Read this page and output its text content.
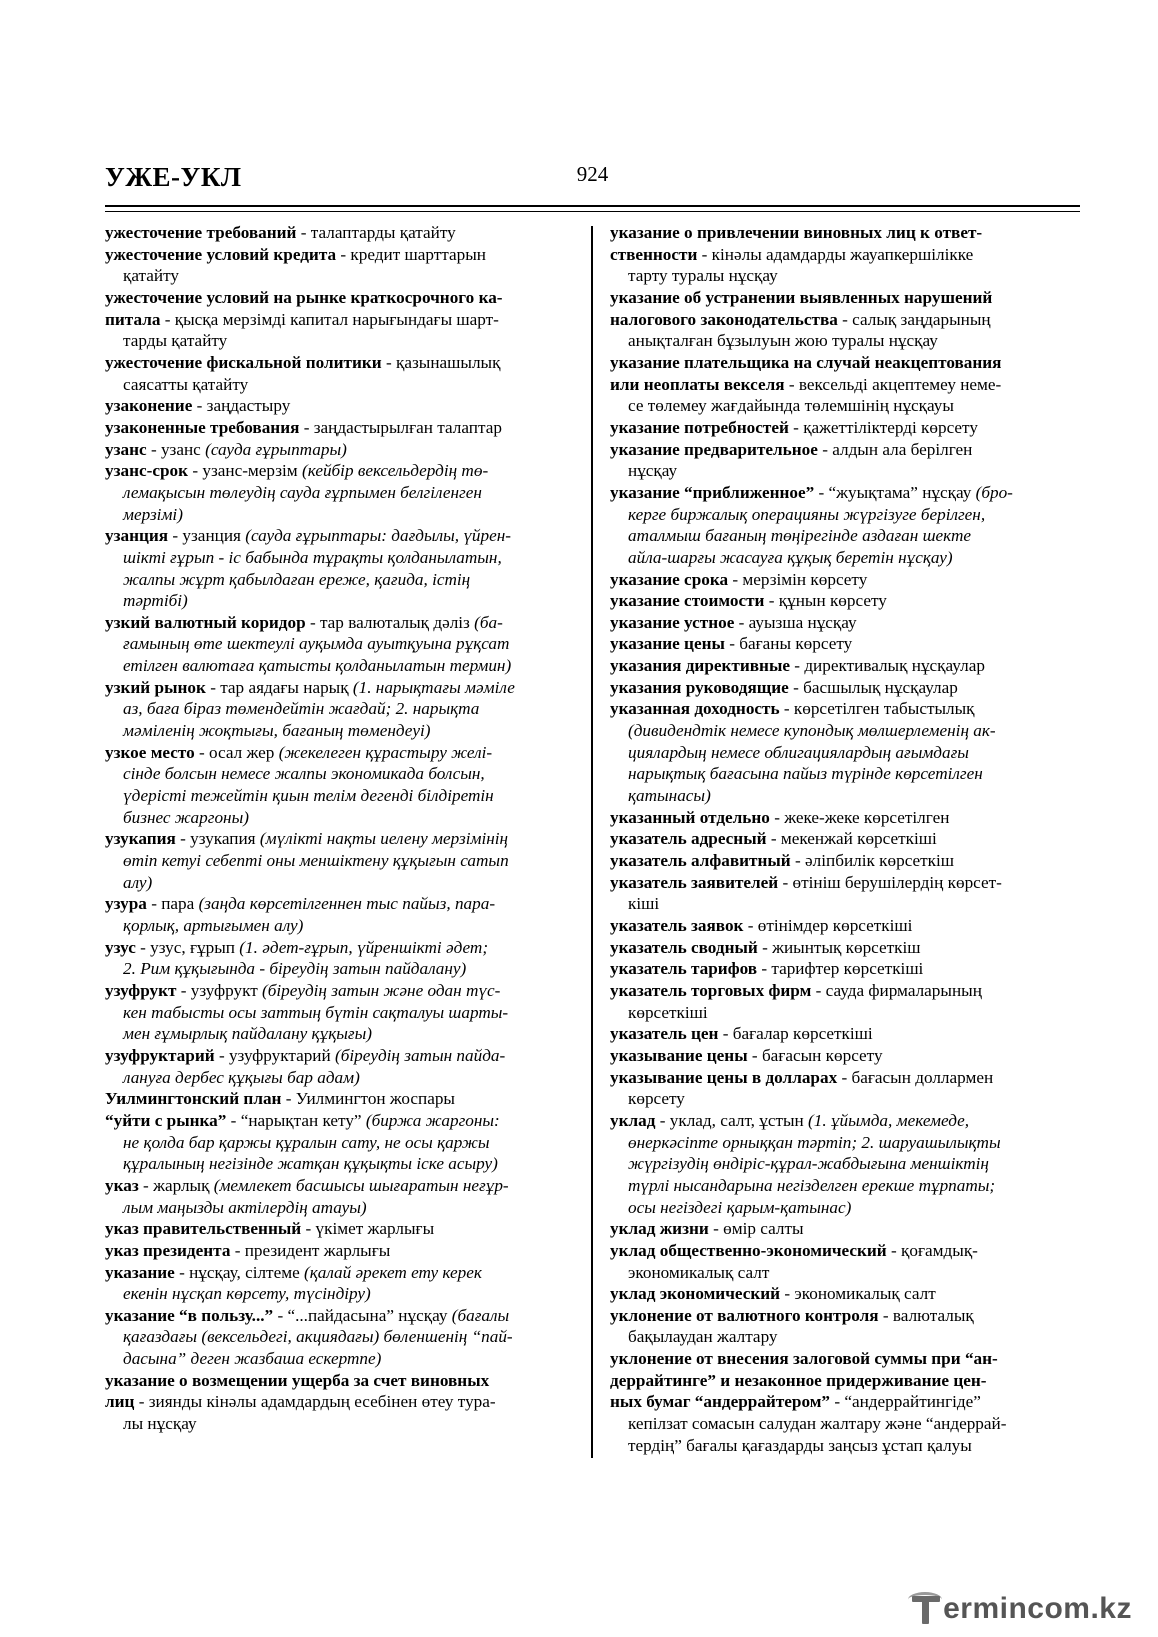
УЖЕ-УКЛ	924
ужесточение требований - талаптарды қатайту
ужесточение условий кредита - кредит шарттарын
қатайту
ужесточение условий на рынке краткосрочного ка-
питала - қысқа мерзімді капитал нарығындағы шарт-
тарды қатайту
ужесточение фискальной политики - қазынашылық
саясатты қатайту
узаконение - заңдастыру
узаконенные требования - заңдастырылған талаптар
узанс - узанс (сауда ғұрыптары)
узанс-срок - узанс-мерзім (кейбір вексельдердің тө-
лемақысын төлеудің сауда ғұрпымен белгіленген
мерзімі)
узанция - узанция (сауда ғұрыптары: дағдылы, үйрен-
шікті ғұрып - іс бабында тұрақты қолданылатын,
жалпы жұрт қабылдаған ереже, қағида, істің
тәртібі)
узкий валютный коридор - тар валюталық дәліз (ба-
ғамының өте шектеулі ауқымда ауытқуына рұқсат
етілген валютаға қатысты қолданылатын термин)
узкий рынок - тар аядағы нарық (1. нарықтағы мәміле
аз, баға біраз төмендейтін жағдай; 2. нарықта
мәміленің жоқтығы, бағаның төмендеуі)
узкое место - осал жер (жекелеген құрастыру желі-
сінде болсын немесе жалпы экономикада болсын,
үдерісті тежейтін қиын телім дегенді білдіретін
бизнес жаргоны)
узукапия - узукапия (мүлікті нақты иелену мерзімінің
өтіп кетуі себепті оны меншіктену құқығын сатып
алу)
узура - пара (заңда көрсетілгеннен тыс пайыз, пара-
қорлық, артығымен алу)
узус - узус, ғұрып (1. әдет-ғұрып, үйреншікті әдет;
2. Рим құқығында - біреудің затын пайдалану)
узуфрукт - узуфрукт (біреудің затын және одан түс-
кен табысты осы заттың бүтін сақталуы шарты-
мен ғұмырлық пайдалану құқығы)
узуфруктарий - узуфруктарий (біреудің затын пайда-
лануға дербес құқығы бар адам)
Уилмингтонский план - Уилмингтон жоспары
“уйти с рынка” - “нарықтан кету” (биржа жаргоны:
не қолда бар қаржы құралын сату, не осы қаржы
құралының негізінде жатқан құқықты іске асыру)
указ - жарлық (мемлекет басшысы шығаратын неғұр-
лым маңызды актілердің атауы)
указ правительственный - үкімет жарлығы
указ президента - президент жарлығы
указание - нұсқау, сілтеме (қалай әрекет ету керек
екенін нұсқап көрсету, түсіндіру)
указание “в пользу...” - “...пайдасына” нұсқау (бағалы
қағаздағы (вексельдегі, акциядағы) бөленшенің “пай-
дасына” деген жазбаша ескертпе)
указание о возмещении ущерба за счет виновных
лиц - зиянды кінәлы адамдардың есебінен өтеу тура-
лы нұсқау
указание о привлечении виновных лиц к ответ-
ственности - кінәлы адамдарды жауапкершілікке
тарту туралы нұсқау
указание об устранении выявленных нарушений
налогового законодательства - салық заңдарының
анықталған бұзылуын жою туралы нұсқау
указание плательщика на случай неакцептования
или неоплаты векселя - вексельді акцептемеу неме-
се төлемеу жағдайында төлемшінің нұсқауы
указание потребностей - қажеттіліктерді көрсету
указание предварительное - алдын ала берілген
нұсқау
указание “приближенное” - “жуықтама” нұсқау (бро-
керге биржалық операцияны жүргізуге берілген,
аталмыш бағаның төңірегінде аздаған шекте
айла-шарғы жасауға құқық беретін нұсқау)
указание срока - мерзімін көрсету
указание стоимости - құнын көрсету
указание устное - ауызша нұсқау
указание цены - бағаны көрсету
указания директивные - директивалық нұсқаулар
указания руководящие - басшылық нұсқаулар
указанная доходность - көрсетілген табыстылық
(дивидендтік немесе купондық мөлшерлеменің ак-
циялардың немесе облигациялардың ағымдағы
нарықтық бағасына пайыз түрінде көрсетілген
қатынасы)
указанный отдельно - жеке-жеке көрсетілген
указатель адресный - мекенжай көрсеткіші
указатель алфавитный - әліпбилік көрсеткіш
указатель заявителей - өтініш берушілердің көрсет-
кіші
указатель заявок - өтінімдер көрсеткіші
указатель сводный - жиынтық көрсеткіш
указатель тарифов - тарифтер көрсеткіші
указатель торговых фирм - сауда фирмаларының
көрсеткіші
указатель цен - бағалар көрсеткіші
указывание цены - бағасын көрсету
указывание цены в долларах - бағасын доллармен
көрсету
уклад - уклад, салт, ұстын (1. ұйымда, мекемеде,
өнеркәсіпте орныққан тәртіп; 2. шаруашылықты
жүргізудің өндіріс-құрал-жабдығына меншіктің
түрлі нысандарына негізделген ерекше тұрпаты;
осы негіздегі қарым-қатынас)
уклад жизни - өмір салты
уклад общественно-экономический - қоғамдық-
экономикалық салт
уклад экономический - экономикалық салт
уклонение от валютного контроля - валюталық
бақылаудан жалтару
уклонение от внесения залоговой суммы при “ан-
деррайтинге” и незаконное придерживание цен-
ных бумаг “андеррайтером” - “андеррайтингіде”
кепілзат сомасын салудан жалтару және “андеррай-
тердің” бағалы қағаздарды заңсыз ұстап қалуы
ermincom.kz
